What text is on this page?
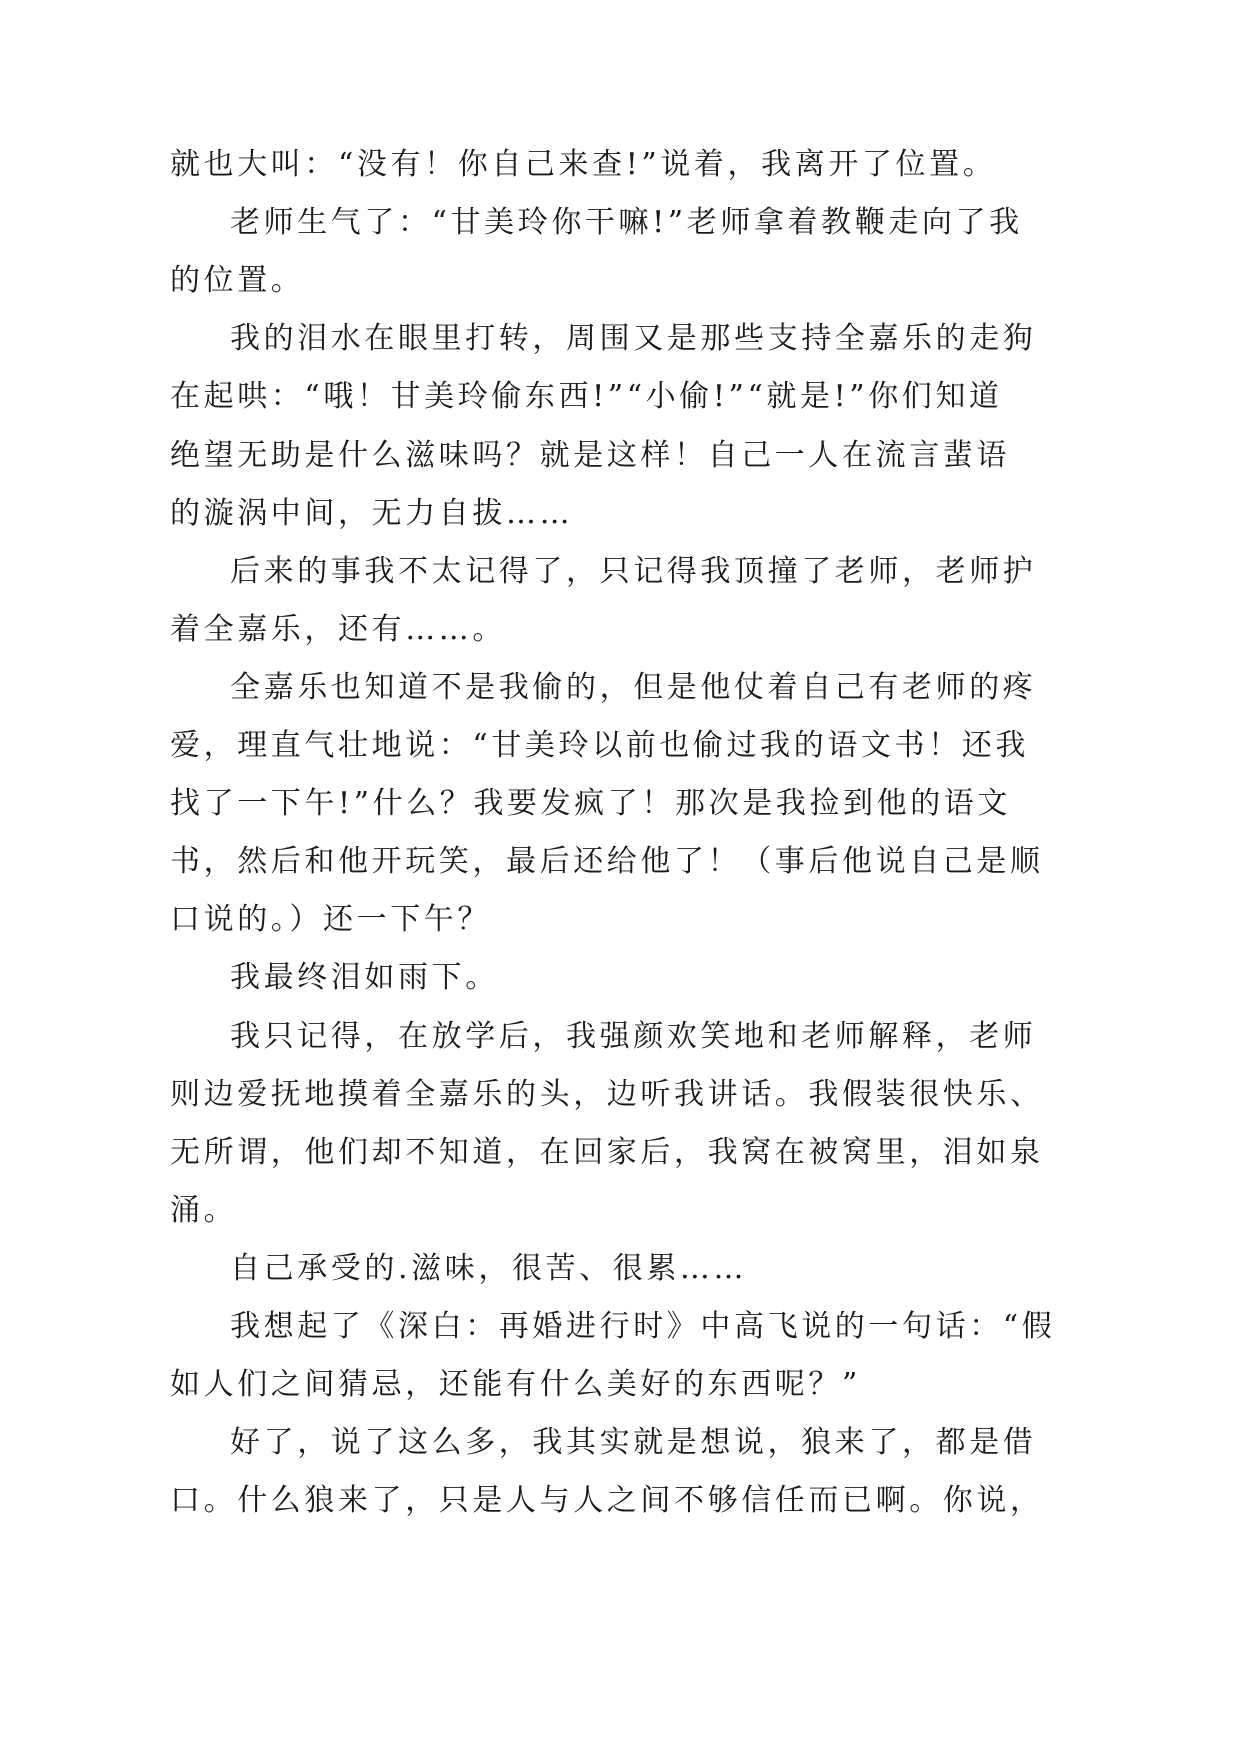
就也大叫：“没有！你自己来查!”说着，我离开了位置。
老师生气了：“甘美玲你干嘛!”老师拿着教鞭走向了我
的位置。
我的泪水在眼里打转，周围又是那些支持全嘉乐的走狗
在起哄：“哦！甘美玲偷东西!”“小偷!”“就是!”你们知道
绝望无助是什么滋味吗？就是这样！自己一人在流言蜚语
的漩涡中间，无力自拔……
后来的事我不太记得了，只记得我顶撞了老师，老师护
着全嘉乐，还有……。
全嘉乐也知道不是我偷的，但是他仗着自己有老师的疼
爱，理直气壮地说：“甘美玲以前也偷过我的语文书！还我
找了一下午!”什么？我要发疯了！那次是我捡到他的语文
书，然后和他开玩笑，最后还给他了！（事后他说自己是顺
口说的。）还一下午？
我最终泪如雨下。
我只记得，在放学后，我强颜欢笑地和老师解释，老师
则边爱抚地摸着全嘉乐的头，边听我讲话。我假装很快乐、
无所谓，他们却不知道，在回家后，我窝在被窝里，泪如泉
涌。
自己承受的.滋味，很苦、很累……
我想起了《深白：再婚进行时》中高飞说的一句话：“假
如人们之间猜忌，还能有什么美好的东西呢？”
好了，说了这么多，我其实就是想说，狼来了，都是借
口。什么狼来了，只是人与人之间不够信任而已啊。你说，
